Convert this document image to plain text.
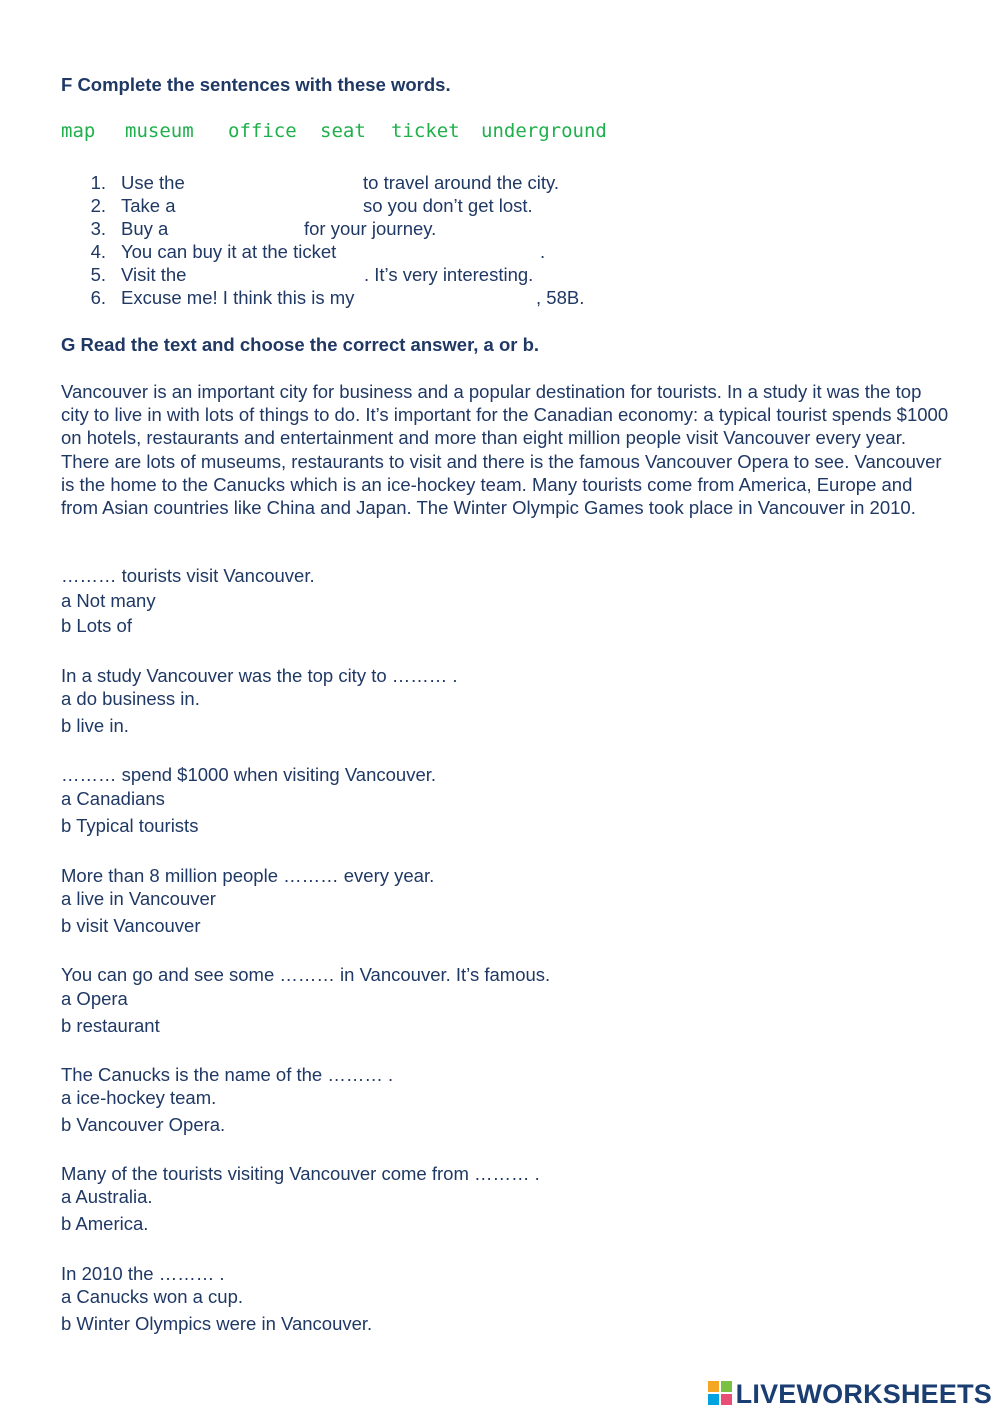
F Complete the sentences with these words.
map museum office seat ticket underground
1. Use the	to travel around the city.
2. Take a	so you don’t get lost.
3. Buy a	for your journey.
4. You can buy it at the ticket	.
5. Visit the	. It’s very interesting.
6. Excuse me! I think this is my	, 58B.
G Read the text and choose the correct answer, a or b.
Vancouver is an important city for business and a popular destination for tourists. In a study it was the top city to live in with lots of things to do. It’s important for the Canadian economy: a typical tourist spends $1000 on hotels, restaurants and entertainment and more than eight million people visit Vancouver every year. There are lots of museums, restaurants to visit and there is the famous Vancouver Opera to see. Vancouver is the home to the Canucks which is an ice-hockey team. Many tourists come from America, Europe and from Asian countries like China and Japan. The Winter Olympic Games took place in Vancouver in 2010.
……… tourists visit Vancouver.
a Not many
b Lots of
In a study Vancouver was the top city to ……… .
a do business in.
b live in.
……… spend $1000 when visiting Vancouver.
a Canadians
b Typical tourists
More than 8 million people ……… every year.
a live in Vancouver
b visit Vancouver
You can go and see some ……… in Vancouver. It’s famous.
a Opera
b restaurant
The Canucks is the name of the ……… .
a ice-hockey team.
b Vancouver Opera.
Many of the tourists visiting Vancouver come from ……… .
a Australia.
b America.
In 2010 the ……… .
a Canucks won a cup.
b Winter Olympics were in Vancouver.
LIVEWORKSHEETS
